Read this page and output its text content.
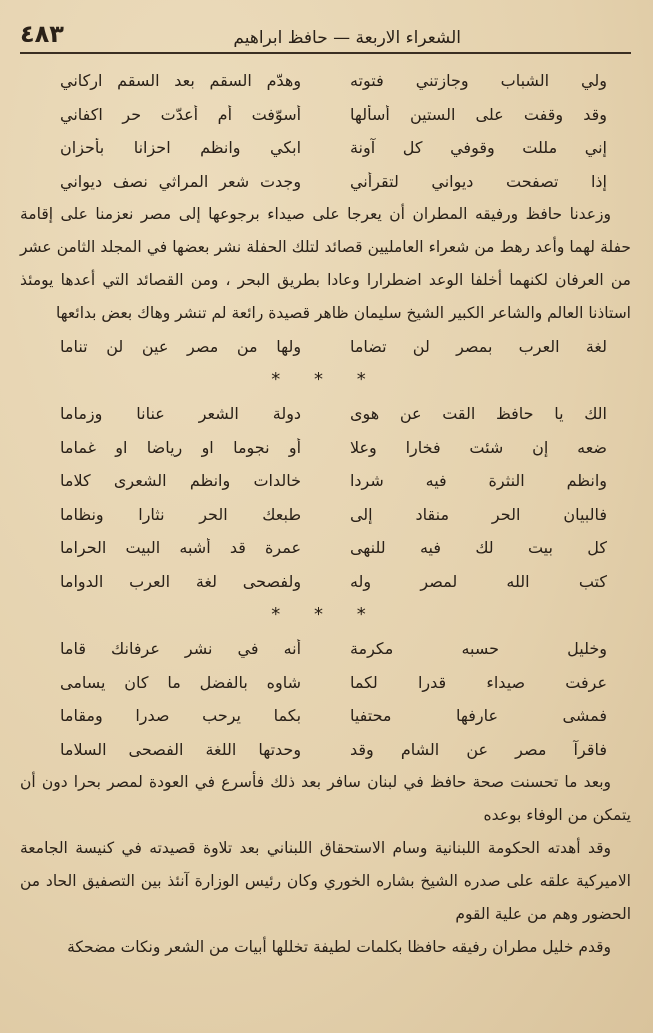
الشعراء الاربعة — حافظ ابراهيم
٤٨٣
ولي الشباب وجازتني فتوته
وهدّم السقم بعد السقم اركاني
وقد وقفت على الستين أسألها
أسوّفت أم أعدّت حر اكفاني
إني مللت وقوفي كل آونة
ابكي وانظم احزانا بأحزان
إذا تصفحت ديواني لتقرأني
وجدت شعر المراثي نصف ديواني

وزعدنا حافظ ورفيقه المطران أن يعرجا على صيداء برجوعها إلى مصر نعزمنا على إقامة حفلة لهما وأعد رهط من شعراء العامليين قصائد لتلك الحفلة نشر بعضها في المجلد الثامن عشر من العرفان لكنهما أخلفا الوعد اضطرارا وعادا بطريق البحر ، ومن القصائد التي أعدها يومئذ استاذنا العالم والشاعر الكبير الشيخ سليمان ظاهر قصيدة رائعة لم تنشر وهاك بعض بدائعها

لغة العرب بمصر لن تضاما
ولها من مصر عين لن تناما
* * *
الك يا حافظ القت عن هوى
دولة الشعر عنانا وزماما
ضعه إن شئت فخارا وعلا
أو نجوما او رياضا او غماما
وانظم النثرة فيه شردا
خالدات وانظم الشعرى كلاما
فالبيان الحر منقاد إلى
طبعك الحر نثارا ونظاما
كل بيت لك فيه للنهى
عمرة قد أشبه البيت الحراما
كتب الله لمصر وله
ولفصحى لغة العرب الدواما
* * *
وخليل حسبه مكرمة
أنه في نشر عرفانك قاما
عرفت صيداء قدرا لكما
شاوه بالفضل ما كان يسامى
فمشى عارفها محتفيا
بكما يرحب صدرا ومقاما
فاقرآ مصر عن الشام وقد
وحدتها اللغة الفصحى السلاما

وبعد ما تحسنت صحة حافظ في لبنان سافر بعد ذلك فأسرع في العودة لمصر بحرا دون أن يتمكن من الوفاء بوعده

وقد أهدته الحكومة اللبنانية وسام الاستحقاق اللبناني بعد تلاوة قصيدته في كنيسة الجامعة الاميركية علقه على صدره الشيخ بشاره الخوري وكان رئيس الوزارة آنئذ بين التصفيق الحاد من الحضور وهم من علية القوم

وقدم خليل مطران رفيقه حافظا بكلمات لطيفة تخللها أبيات من الشعر ونكات مضحكة
